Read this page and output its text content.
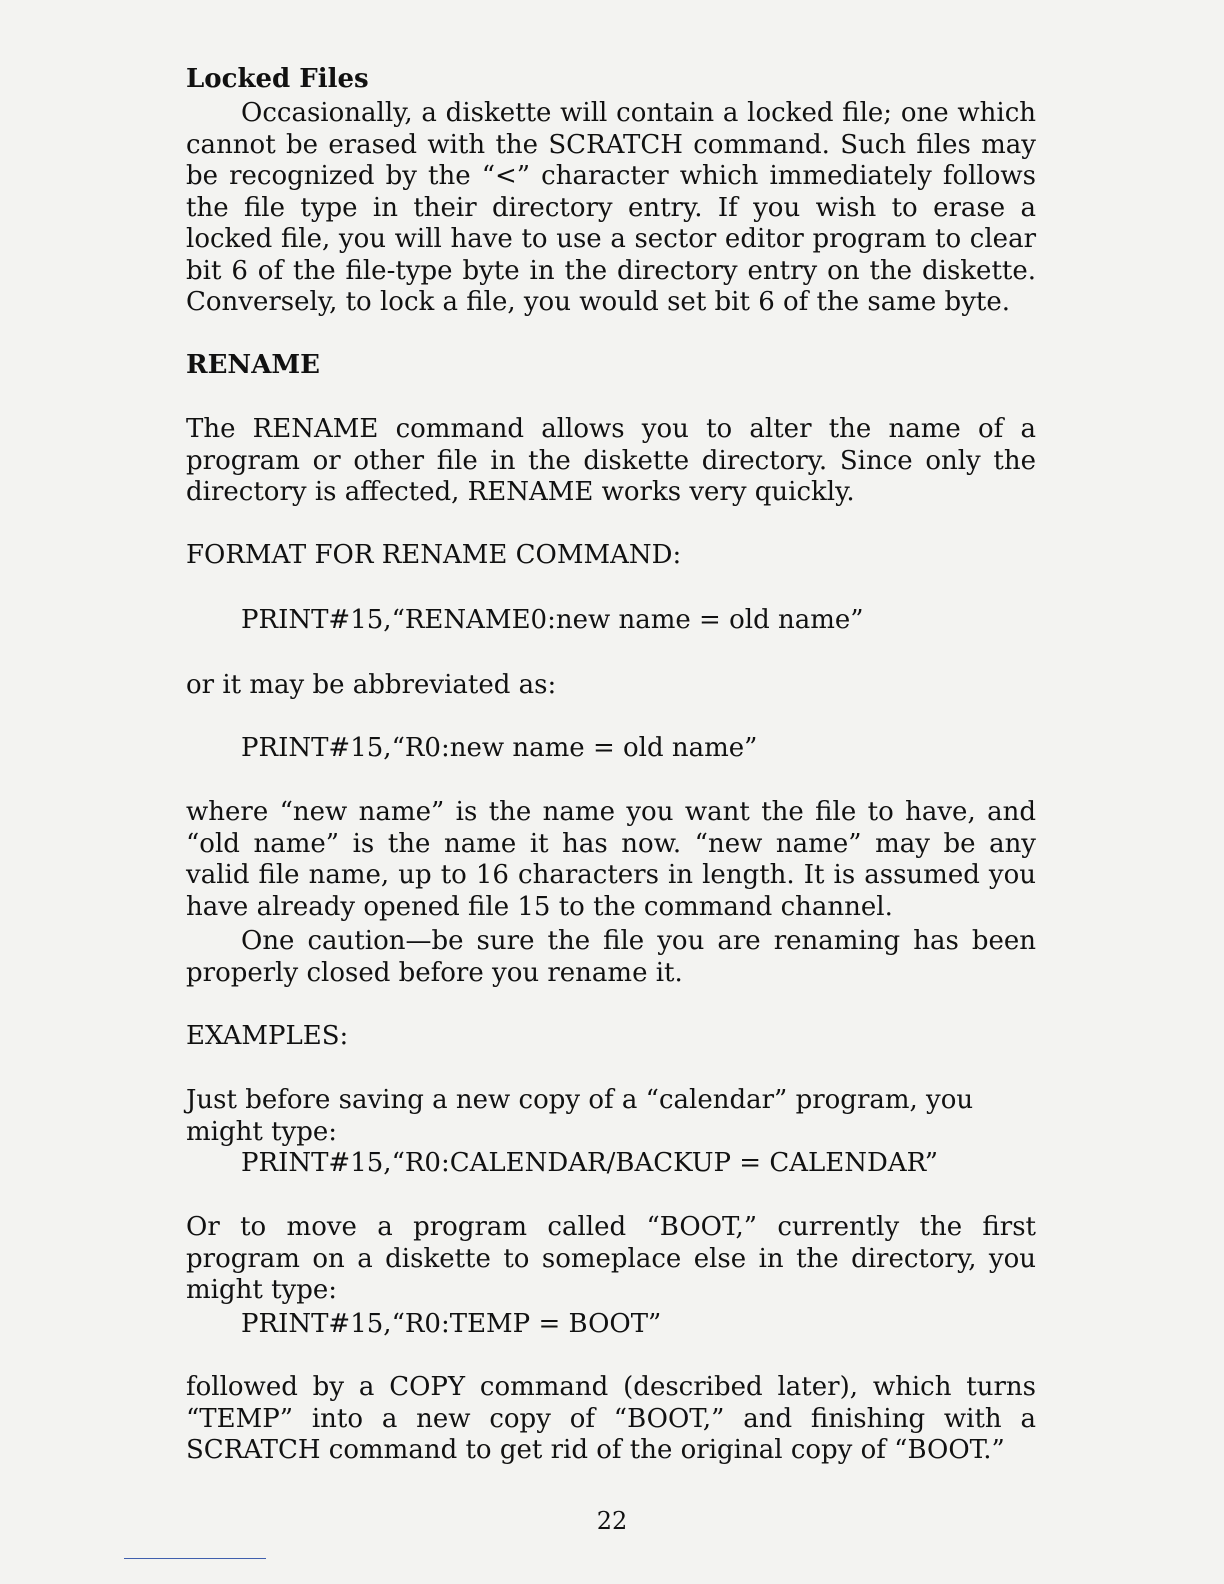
Locked Files

Occasionally, a diskette will contain a locked file; one which cannot be erased with the SCRATCH command. Such files may be recognized by the “<” character which immediately follows the file type in their directory entry. If you wish to erase a locked file, you will have to use a sector editor program to clear bit 6 of the file-type byte in the directory entry on the diskette. Conversely, to lock a file, you would set bit 6 of the same byte.

RENAME

The RENAME command allows you to alter the name of a program or other file in the diskette directory. Since only the directory is affected, RENAME works very quickly.

FORMAT FOR RENAME COMMAND:
PRINT#15,“RENAME0:new name = old name”
or it may be abbreviated as:
PRINT#15,“R0:new name = old name”

where “new name” is the name you want the file to have, and “old name” is the name it has now. “new name” may be any valid file name, up to 16 characters in length. It is assumed you have already opened file 15 to the command channel.

One caution—be sure the file you are renaming has been properly closed before you rename it.

EXAMPLES:
Just before saving a new copy of a “calendar” program, you might type:
PRINT#15,“R0:CALENDAR/BACKUP = CALENDAR”

Or to move a program called “BOOT,” currently the first program on a diskette to someplace else in the directory, you might type:

PRINT#15,“R0:TEMP = BOOT”

followed by a COPY command (described later), which turns “TEMP” into a new copy of “BOOT,” and finishing with a SCRATCH command to get rid of the original copy of “BOOT.”

22
